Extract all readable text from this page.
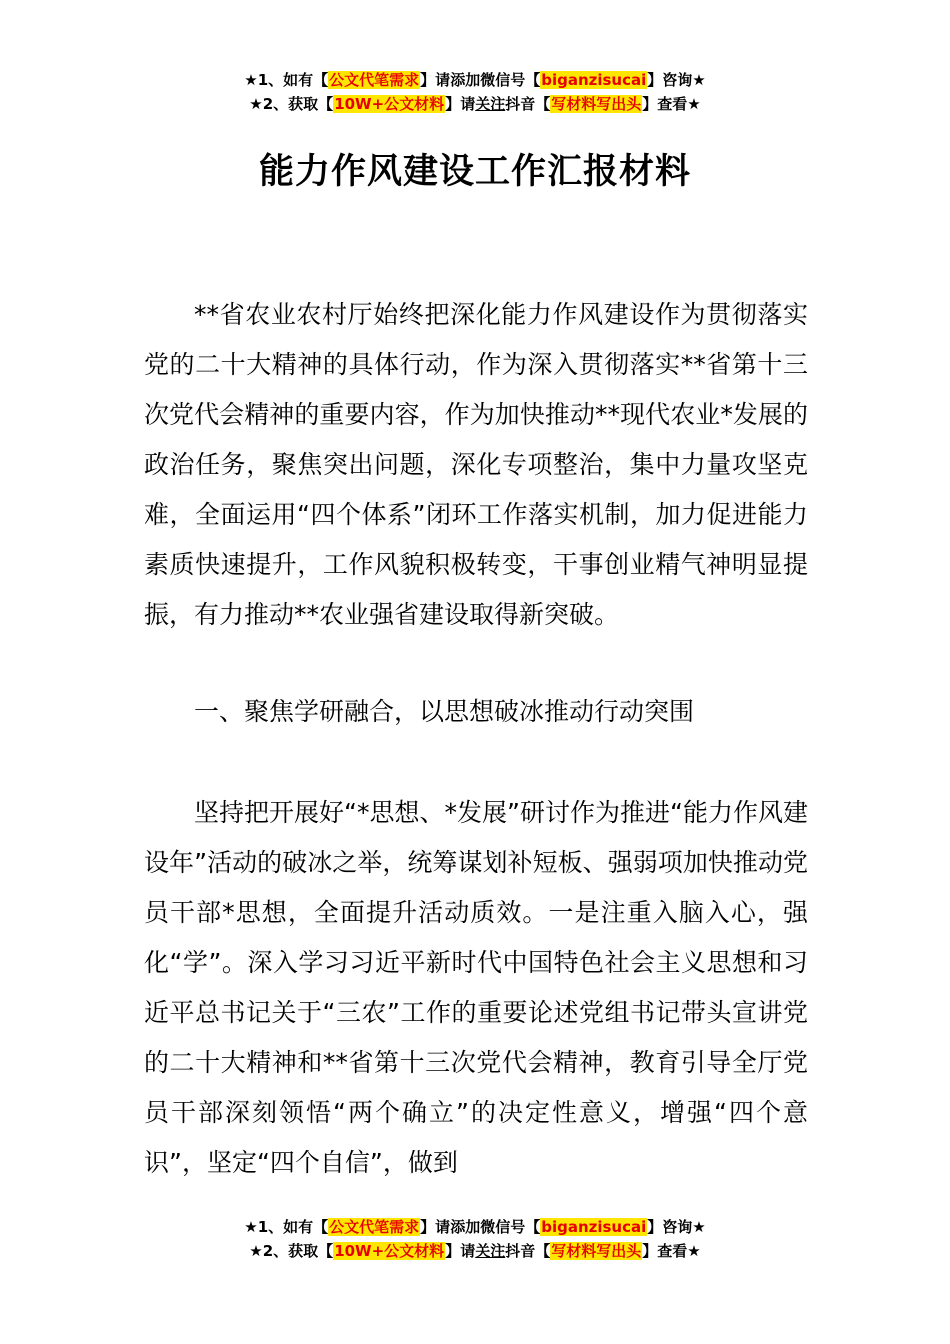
★1、如有【公文代笔需求】请添加微信号【biganzisucai】咨询★
★2、获取【10W+公文材料】请关注抖音【写材料写出头】查看★
能力作风建设工作汇报材料

**省农业农村厅始终把深化能力作风建设作为贯彻落实党的二十大精神的具体行动，作为深入贯彻落实**省第十三次党代会精神的重要内容，作为加快推动**现代农业*发展的政治任务，聚焦突出问题，深化专项整治，集中力量攻坚克难，全面运用“四个体系”闭环工作落实机制，加力促进能力素质快速提升，工作风貌积极转变，干事创业精气神明显提振，有力推动**农业强省建设取得新突破。

一、聚焦学研融合，以思想破冰推动行动突围

坚持把开展好“*思想、*发展”研讨作为推进“能力作风建设年”活动的破冰之举，统筹谋划补短板、强弱项加快推动党员干部*思想，全面提升活动质效。一是注重入脑入心，强化“学”。深入学习习近平新时代中国特色社会主义思想和习近平总书记关于“三农”工作的重要论述党组书记带头宣讲党的二十大精神和**省第十三次党代会精神，教育引导全厅党员干部深刻领悟“两个确立”的决定性意义，增强“四个意识”，坚定“四个自信”，做到

★1、如有【公文代笔需求】请添加微信号【biganzisucai】咨询★
★2、获取【10W+公文材料】请关注抖音【写材料写出头】查看★
